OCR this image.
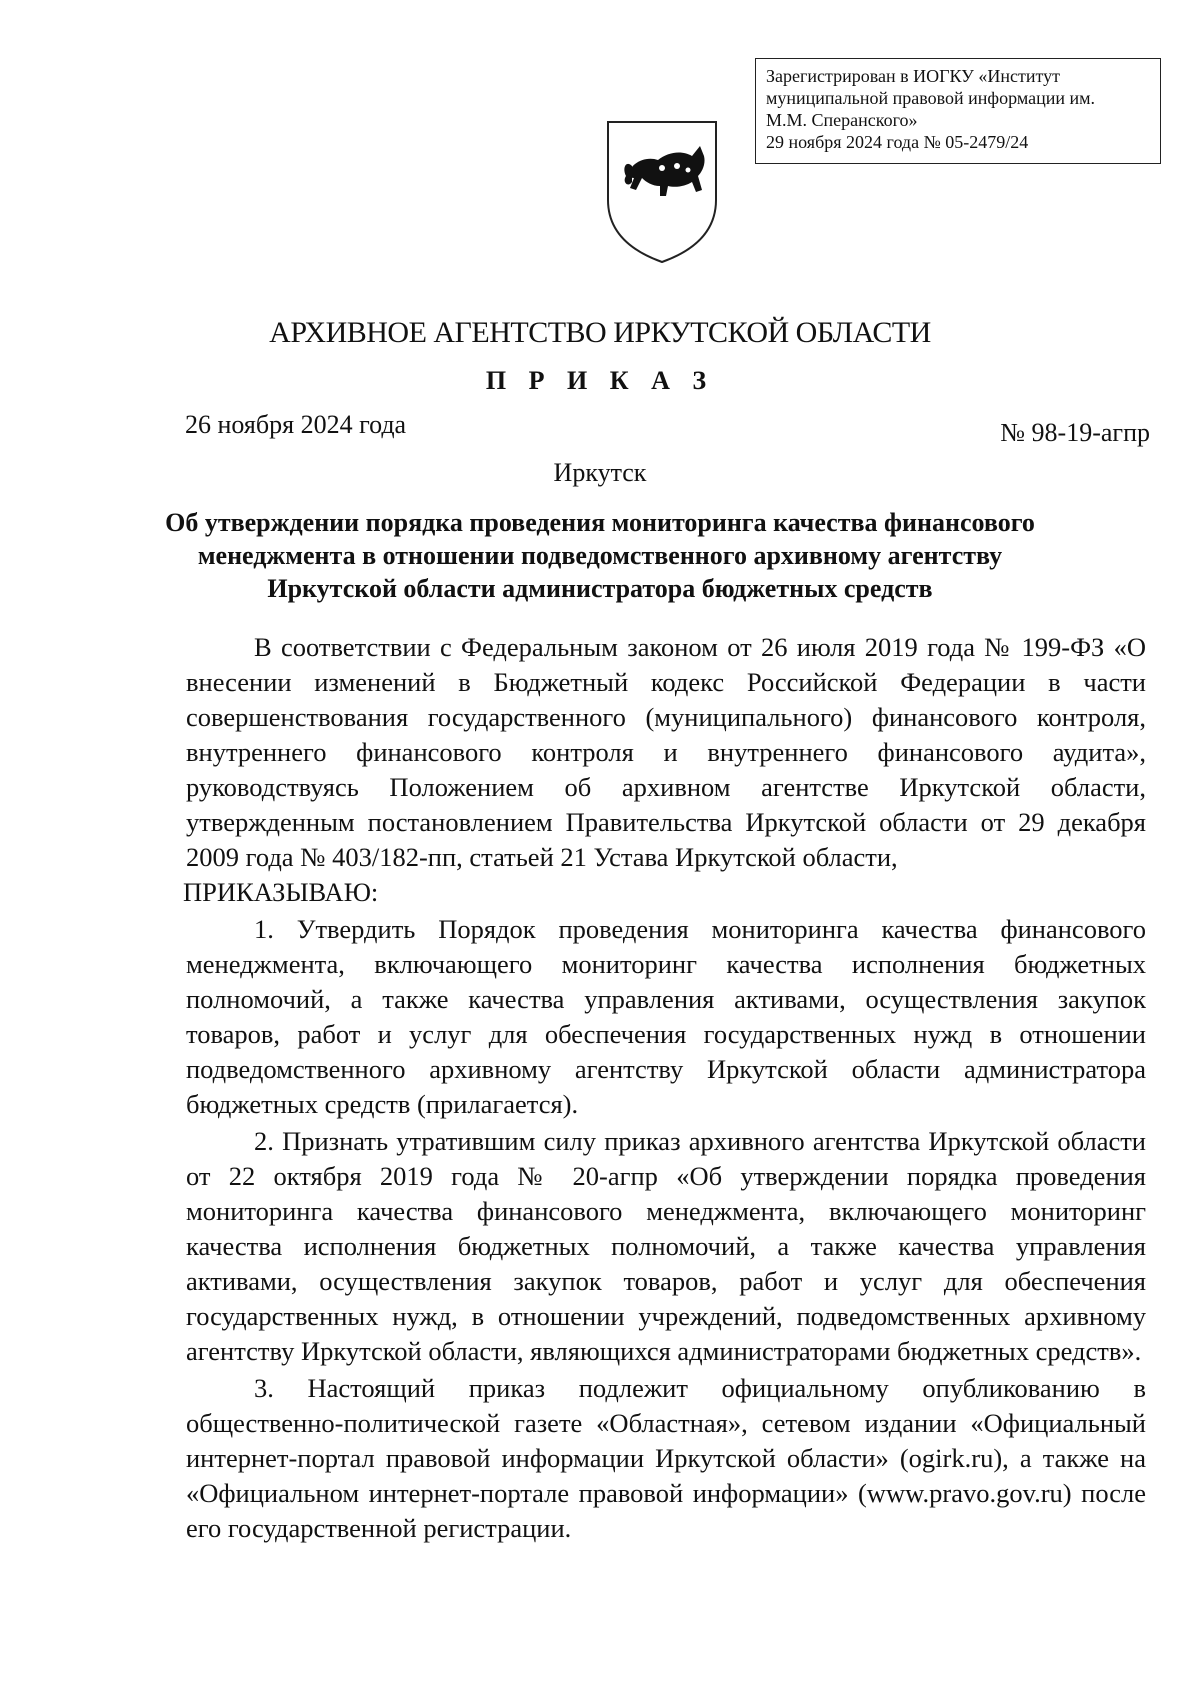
Зарегистрирован в ИОГКУ «Институт
муниципальной правовой информации им.
М.М. Сперанского»
29 ноября 2024 года № 05-2479/24
АРХИВНОЕ АГЕНТСТВО ИРКУТСКОЙ ОБЛАСТИ
П Р И К А З
26 ноября 2024 года	№ 98-19-агпр
Иркутск
Об утверждении порядка проведения мониторинга качества финансового менеджмента в отношении подведомственного архивному агентству Иркутской области администратора бюджетных средств

В соответствии с Федеральным законом от 26 июля 2019 года № 199-ФЗ «О внесении изменений в Бюджетный кодекс Российской Федерации в части совершенствования государственного (муниципального) финансового контроля, внутреннего финансового контроля и внутреннего финансового аудита», руководствуясь Положением об архивном агентстве Иркутской области, утвержденным постановлением Правительства Иркутской области от 29 декабря 2009 года № 403/182-пп, статьей 21 Устава Иркутской области,

ПРИКАЗЫВАЮ:

1. Утвердить Порядок проведения мониторинга качества финансового менеджмента, включающего мониторинг качества исполнения бюджетных полномочий, а также качества управления активами, осуществления закупок товаров, работ и услуг для обеспечения государственных нужд в отношении подведомственного архивному агентству Иркутской области администратора бюджетных средств (прилагается).

2. Признать утратившим силу приказ архивного агентства Иркутской области от 22 октября 2019 года № 20-агпр «Об утверждении порядка проведения мониторинга качества финансового менеджмента, включающего мониторинг качества исполнения бюджетных полномочий, а также качества управления активами, осуществления закупок товаров, работ и услуг для обеспечения государственных нужд, в отношении учреждений, подведомственных архивному агентству Иркутской области, являющихся администраторами бюджетных средств».

3. Настоящий приказ подлежит официальному опубликованию в общественно-политической газете «Областная», сетевом издании «Официальный интернет-портал правовой информации Иркутской области» (ogirk.ru), а также на «Официальном интернет-портале правовой информации» (www.pravo.gov.ru) после его государственной регистрации.
